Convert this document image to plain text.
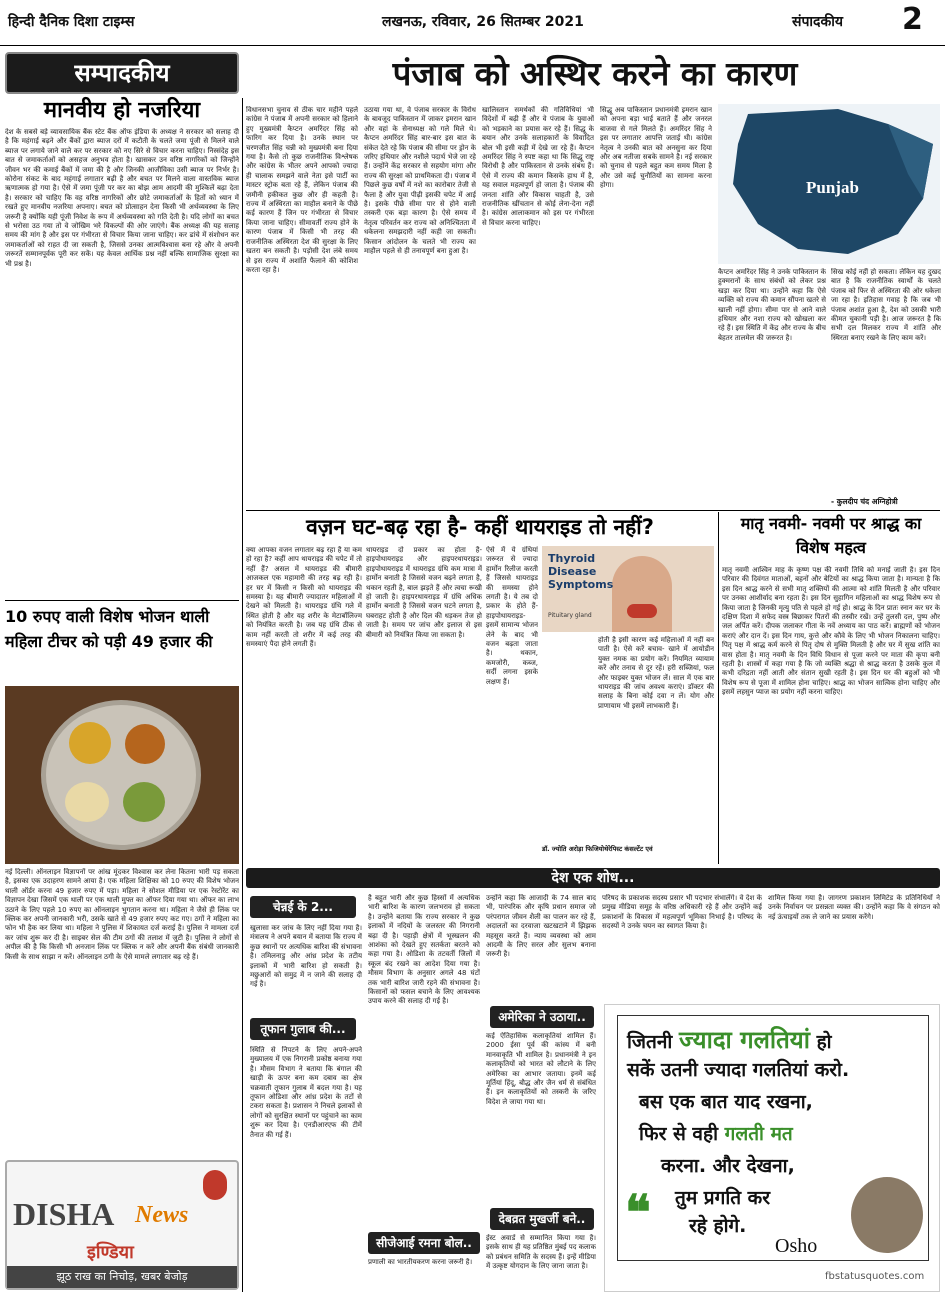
हिन्दी दैनिक दिशा टाइम्स	लखनऊ, रविवार, 26 सितम्बर 2021	संपादकीय 2
सम्पादकीय	पंजाब को अस्थिर करने का कारण
मानवीय हो नजरिया
देश के सबसे बड़े व्यावसायिक बैंक स्टेट बैंक ऑफ इंडिया के अध्यक्ष ने सरकार को सलाह दी है कि महंगाई बढ़ने और बैंकों द्वारा ब्याज दरों में कटौती के चलते जमा पूंजी से मिलने वाले ब्याज पर लगाये जाने वाले कर पर सरकार को नए सिरे से विचार करना चाहिए। निस्संदेह इस बात से जमाकर्ताओं को असहज अनुभव होता है। खासकर उन वरिष्ठ नागरिकों को जिन्होंने जीवन भर की कमाई बैंकों में जमा की है और जिनकी आजीविका उसी ब्याज पर निर्भर है। कोरोना संकट के बाद महंगाई लगातार बढ़ी है और बचत पर मिलने वाला वास्तविक ब्याज ऋणात्मक हो गया है। ऐसे में जमा पूंजी पर कर का बोझ आम आदमी की मुश्किलें बढ़ा देता है। सरकार को चाहिए कि वह वरिष्ठ नागरिकों और छोटे जमाकर्ताओं के हितों को ध्यान में रखते हुए मानवीय नजरिया अपनाए। बचत को प्रोत्साहन देना किसी भी अर्थव्यवस्था के लिए जरूरी है क्योंकि यही पूंजी निवेश के रूप में अर्थव्यवस्था को गति देती है। यदि लोगों का बचत से भरोसा उठ गया तो वे जोखिम भरे विकल्पों की ओर जाएंगे। बैंक अध्यक्ष की यह सलाह समय की मांग है और इस पर गंभीरता से विचार किया जाना चाहिए। कर ढांचे में संशोधन कर जमाकर्ताओं को राहत दी जा सकती है, जिससे उनका आत्मविश्वास बना रहे और वे अपनी जरूरतें सम्मानपूर्वक पूरी कर सकें। यह केवल आर्थिक प्रश्न नहीं बल्कि सामाजिक सुरक्षा का भी प्रश्न है।
विधानसभा चुनाव से ठीक चार महीने पहले कांग्रेस ने पंजाब में अपनी सरकार को हिलाने हुए मुख्यमंत्री कैप्टन अमरिंदर सिंह को फारिग कर दिया है। उनके स्थान पर चरणजीत सिंह चन्नी को मुख्यमंत्री बना दिया गया है। कैसे तो कुछ राजनीतिक विश्लेषक और कांग्रेस के भीतर अपने आपको ज्यादा ही चालाक समझने वाले नेता इसे पार्टी का मास्टर स्ट्रोक बता रहे हैं, लेकिन पंजाब की जमीनी हकीकत कुछ और ही कहती है। राज्य में अस्थिरता का माहौल बनाने के पीछे कई कारण हैं जिन पर गंभीरता से विचार किया जाना चाहिए। सीमावर्ती राज्य होने के कारण पंजाब में किसी भी तरह की राजनीतिक अस्थिरता देश की सुरक्षा के लिए खतरा बन सकती है। पड़ोसी देश लंबे समय से इस राज्य में अशांति फैलाने की कोशिश करता रहा है।
उठाया गया था, वे पंजाब सरकार के विरोध के बावजूद पाकिस्तान में जाकर इमरान खान और वहां के सेनाध्यक्ष को गले मिले थे। कैप्टन अमरिंदर सिंह बार-बार इस बात के संकेत देते रहे कि पंजाब की सीमा पर ड्रोन के जरिए हथियार और नशीले पदार्थ भेजे जा रहे हैं। उन्होंने केंद्र सरकार से सहयोग मांगा और राज्य की सुरक्षा को प्राथमिकता दी। पंजाब में पिछले कुछ वर्षों में नशे का कारोबार तेजी से फैला है और युवा पीढ़ी इसकी चपेट में आई है। इसके पीछे सीमा पार से होने वाली तस्करी एक बड़ा कारण है। ऐसे समय में नेतृत्व परिवर्तन कर राज्य को अनिश्चितता में धकेलना समझदारी नहीं कही जा सकती। किसान आंदोलन के चलते भी राज्य का माहौल पहले से ही तनावपूर्ण बना हुआ है।
खालिस्तान समर्थकों की गतिविधियां भी विदेशों में बढ़ी हैं और वे पंजाब के युवाओं को भड़काने का प्रयास कर रहे हैं। सिद्धू के बयान और उनके सलाहकारों के विवादित बोल भी इसी कड़ी में देखे जा रहे हैं। कैप्टन अमरिंदर सिंह ने स्पष्ट कहा था कि सिद्धू राष्ट्र विरोधी है और पाकिस्तान से उनके संबंध हैं। ऐसे में राज्य की कमान किसके हाथ में है, यह सवाल महत्वपूर्ण हो जाता है। पंजाब की जनता शांति और विकास चाहती है, उसे राजनीतिक खींचतान से कोई लेना-देना नहीं है। कांग्रेस आलाकमान को इस पर गंभीरता से विचार करना चाहिए।
सिद्धू अब पाकिस्तान प्रधानमंत्री इमरान खान को अपना बड़ा भाई बताते हैं और जनरल बाजवा से गले मिलते हैं। अमरिंदर सिंह ने इस पर लगातार आपत्ति जताई थी। कांग्रेस नेतृत्व ने उनकी बात को अनसुना कर दिया और अब नतीजा सबके सामने है। नई सरकार को चुनाव से पहले बहुत कम समय मिला है और उसे कई चुनौतियों का सामना करना होगा।	Punjab
कैप्टन अमरिंदर सिंह ने उनके पाकिस्तान के हुक्मरानों के साथ संबंधों को लेकर प्रश्न खड़ा कर दिया था। उन्होंने कहा कि ऐसे व्यक्ति को राज्य की कमान सौंपना खतरे से खाली नहीं होगा। सीमा पार से आने वाले हथियार और नशा राज्य को खोखला कर रहे हैं। इस स्थिति में केंद्र और राज्य के बीच बेहतर तालमेल की जरूरत है।
सिख कोई नहीं हो सकता। लेकिन यह दुखद बात है कि राजनीतिक स्वार्थों के चलते पंजाब को फिर से अस्थिरता की ओर धकेला जा रहा है। इतिहास गवाह है कि जब भी पंजाब अशांत हुआ है, देश को उसकी भारी कीमत चुकानी पड़ी है। आज जरूरत है कि सभी दल मिलकर राज्य में शांति और स्थिरता बनाए रखने के लिए काम करें।
- कुलदीप चंद अग्निहोत्री
वज़न घट-बढ़ रहा है- कहीं थायराइड तो नहीं?
क्या आपका वजन लगातार बढ़ रहा है या कम हो रहा है? कहीं आप थायराइड की चपेट में तो नहीं हैं? असल में थायराइड की बीमारी आजकल एक महामारी की तरह बढ़ रही है। हर घर में किसी न किसी को थायराइड की समस्या है। यह बीमारी ज्यादातर महिलाओं में देखने को मिलती है। थायराइड ग्रंथि गले में स्थित होती है और यह शरीर के मेटाबॉलिज्म को नियंत्रित करती है। जब यह ग्रंथि ठीक से काम नहीं करती तो शरीर में कई तरह की समस्याएं पैदा होने लगती हैं।
थायराइड दो प्रकार का होता है- हाइपोथायराइड और हाइपरथायराइड। हाइपोथायराइड में थायराइड ग्रंथि कम मात्रा में हार्मोन बनाती है जिससे वजन बढ़ने लगता है, थकान रहती है, बाल झड़ते हैं और त्वचा रूखी हो जाती है। हाइपरथायराइड में ग्रंथि अधिक हार्मोन बनाती है जिससे वजन घटने लगता है, घबराहट होती है और दिल की धड़कन तेज हो जाती है। समय पर जांच और इलाज से इस बीमारी को नियंत्रित किया जा सकता है।
Thyroid Disease Symptoms
Pituitary gland
ऐसे में ये ग्रंथियां जरूरत से ज्यादा हार्मोन रिलीज करती हैं जिससे थायराइड की समस्या होने लगती है। ये तब दो प्रकार के होते हैं- हाइपोथायराइड- इसमें सामान्य भोजन लेने के बाद भी वजन बढ़ता जाता है। थकान, कमजोरी, कब्ज, सर्दी लगना इसके लक्षण हैं।
होती है इसी कारण कई महिलाओं में नहीं बन पाती है। ऐसे करें बचाव- खाने में आयोडीन युक्त नमक का प्रयोग करें। नियमित व्यायाम करें और तनाव से दूर रहें। हरी सब्जियां, फल और फाइबर युक्त भोजन लें। साल में एक बार थायराइड की जांच अवश्य कराएं। डॉक्टर की सलाह के बिना कोई दवा न लें। योग और प्राणायाम भी इसमें लाभकारी हैं।
डॉ. ज्योति अरोड़ा फिजियोथेरेपिस्ट कंसल्टेंट एवं
मातृ नवमी- नवमी पर श्राद्ध का विशेष महत्व
मातृ नवमी आश्विन माह के कृष्ण पक्ष की नवमी तिथि को मनाई जाती है। इस दिन परिवार की दिवंगत माताओं, बहनों और बेटियों का श्राद्ध किया जाता है। मान्यता है कि इस दिन श्राद्ध करने से सभी मातृ शक्तियों की आत्मा को शांति मिलती है और परिवार पर उनका आशीर्वाद बना रहता है। इस दिन सुहागिन महिलाओं का श्राद्ध विशेष रूप से किया जाता है जिनकी मृत्यु पति से पहले हो गई हो। श्राद्ध के दिन प्रातः स्नान कर घर के दक्षिण दिशा में सफेद वस्त्र बिछाकर पितरों की तस्वीर रखें। उन्हें तुलसी दल, पुष्प और जल अर्पित करें। दीपक जलाकर गीता के नवें अध्याय का पाठ करें। ब्राह्मणों को भोजन कराएं और दान दें। इस दिन गाय, कुत्ते और कौवे के लिए भी भोजन निकालना चाहिए। पितृ पक्ष में श्राद्ध कर्म करने से पितृ दोष से मुक्ति मिलती है और घर में सुख शांति का वास होता है। मातृ नवमी के दिन विधि विधान से पूजा करने पर माता की कृपा बनी रहती है। शास्त्रों में कहा गया है कि जो व्यक्ति श्रद्धा से श्राद्ध करता है उसके कुल में कभी दरिद्रता नहीं आती और संतान सुखी रहती है। इस दिन घर की बहुओं को भी विशेष रूप से पूजा में शामिल होना चाहिए। श्राद्ध का भोजन सात्विक होना चाहिए और इसमें लहसुन प्याज का प्रयोग नहीं करना चाहिए।
10 रुपए वाली विशेष भोजन थाली महिला टीचर को पड़ी 49 हजार की
नई दिल्ली। ऑनलाइन विज्ञापनों पर आंख मूंदकर विश्वास कर लेना कितना भारी पड़ सकता है, इसका एक उदाहरण सामने आया है। एक महिला शिक्षिका को 10 रुपए की विशेष भोजन थाली ऑर्डर करना 49 हजार रुपए में पड़ा। महिला ने सोशल मीडिया पर एक रेस्टोरेंट का विज्ञापन देखा जिसमें एक थाली पर एक थाली मुफ्त का ऑफर दिया गया था। ऑफर का लाभ उठाने के लिए पहले 10 रुपए का ऑनलाइन भुगतान करना था। महिला ने जैसे ही लिंक पर क्लिक कर अपनी जानकारी भरी, उसके खाते से 49 हजार रुपए कट गए। ठगों ने महिला का फोन भी हैक कर लिया था। महिला ने पुलिस में शिकायत दर्ज कराई है। पुलिस ने मामला दर्ज कर जांच शुरू कर दी है। साइबर सेल की टीम ठगों की तलाश में जुटी है। पुलिस ने लोगों से अपील की है कि किसी भी अनजान लिंक पर क्लिक न करें और अपनी बैंक संबंधी जानकारी किसी के साथ साझा न करें। ऑनलाइन ठगी के ऐसे मामले लगातार बढ़ रहे हैं।
DISHA News
इण्डिया
झूठ राख का निचोड़, खबर बेजोड़
देश एक शोध...
चेन्नई के 2...
खुलासा कर जांच के लिए नहीं दिया गया है। मंत्रालय ने अपने बयान में बताया कि राज्य में कुछ स्थानों पर अत्यधिक बारिश की संभावना है। तमिलनाडु और आंध्र प्रदेश के तटीय इलाकों में भारी बारिश हो सकती है। मछुआरों को समुद्र में न जाने की सलाह दी गई है।
तूफान गुलाब की...
स्थिति से निपटने के लिए अपने-अपने मुख्यालय में एक निगरानी प्रकोष्ठ बनाया गया है। मौसम विभाग ने बताया कि बंगाल की खाड़ी के ऊपर बना कम दबाव का क्षेत्र चक्रवाती तूफान गुलाब में बदल गया है। यह तूफान ओडिशा और आंध्र प्रदेश के तटों से टकरा सकता है। प्रशासन ने निचले इलाकों से लोगों को सुरक्षित स्थानों पर पहुंचाने का काम शुरू कर दिया है। एनडीआरएफ की टीमें तैनात की गई हैं।
है बहुत भारी और कुछ हिस्सों में अत्यधिक भारी बारिश के कारण जलभराव हो सकता है। उन्होंने बताया कि राज्य सरकार ने कुछ इलाकों में नदियों के जलस्तर की निगरानी बढ़ा दी है। पहाड़ी क्षेत्रों में भूस्खलन की आशंका को देखते हुए सतर्कता बरतने को कहा गया है। ओडिशा के तटवर्ती जिलों में स्कूल बंद रखने का आदेश दिया गया है। मौसम विभाग के अनुसार अगले 48 घंटों तक भारी बारिश जारी रहने की संभावना है। किसानों को फसल बचाने के लिए आवश्यक उपाय करने की सलाह दी गई है।
सीजेआई रमना बोल..
प्रणाली का भारतीयकरण करना जरूरी है।
उन्होंने कहा कि आजादी के 74 साल बाद भी, पारंपरिक और कृषि प्रधान समाज जो परंपरागत जीवन शैली का पालन कर रहे हैं, अदालतों का दरवाजा खटखटाने में झिझक महसूस करते हैं। न्याय व्यवस्था को आम आदमी के लिए सरल और सुलभ बनाना जरूरी है।
अमेरिका ने उठाया..
कई ऐतिहासिक कलाकृतियां शामिल हैं। 2000 ईसा पूर्व की कांस्य में बनी मानवाकृति भी शामिल है। प्रधानमंत्री ने इन कलाकृतियों को भारत को लौटाने के लिए अमेरिका का आभार जताया। इनमें कई मूर्तियां हिंदू, बौद्ध और जैन धर्म से संबंधित हैं। इन कलाकृतियों को तस्करी के जरिए विदेश ले जाया गया था।
देबव्रत मुखर्जी बने..
ईस्ट अवार्ड से सम्मानित किया गया है। इसके साथ ही यह प्रतिष्ठित मुंबई पद कलाक को प्रबंधन समिति के सदस्य हैं। इन्हें मीडिया में उत्कृष्ट योगदान के लिए जाना जाता है।
परिषद के प्रकाशक सदस्य प्रसार भी पदभार संभालेंगे। वे देश के प्रमुख मीडिया समूह के वरिष्ठ अधिकारी रहे हैं और उन्होंने कई प्रकाशनों के विकास में महत्वपूर्ण भूमिका निभाई है। परिषद के सदस्यों ने उनके चयन का स्वागत किया है।
शामिल किया गया है। जागरण प्रकाशन लिमिटेड के प्रतिनिधियों ने उनके निर्वाचन पर प्रसन्नता व्यक्त की। उन्होंने कहा कि वे संगठन को नई ऊंचाइयों तक ले जाने का प्रयास करेंगे।
जितनी ज्यादा गलतियां हो
सकें उतनी ज्यादा गलतियां करो.
बस एक बात याद रखना,
फिर से वही गलती मत
करना. और देखना,
तुम प्रगति कर
रहे होगे.
❝
Osho
fbstatusquotes.com
